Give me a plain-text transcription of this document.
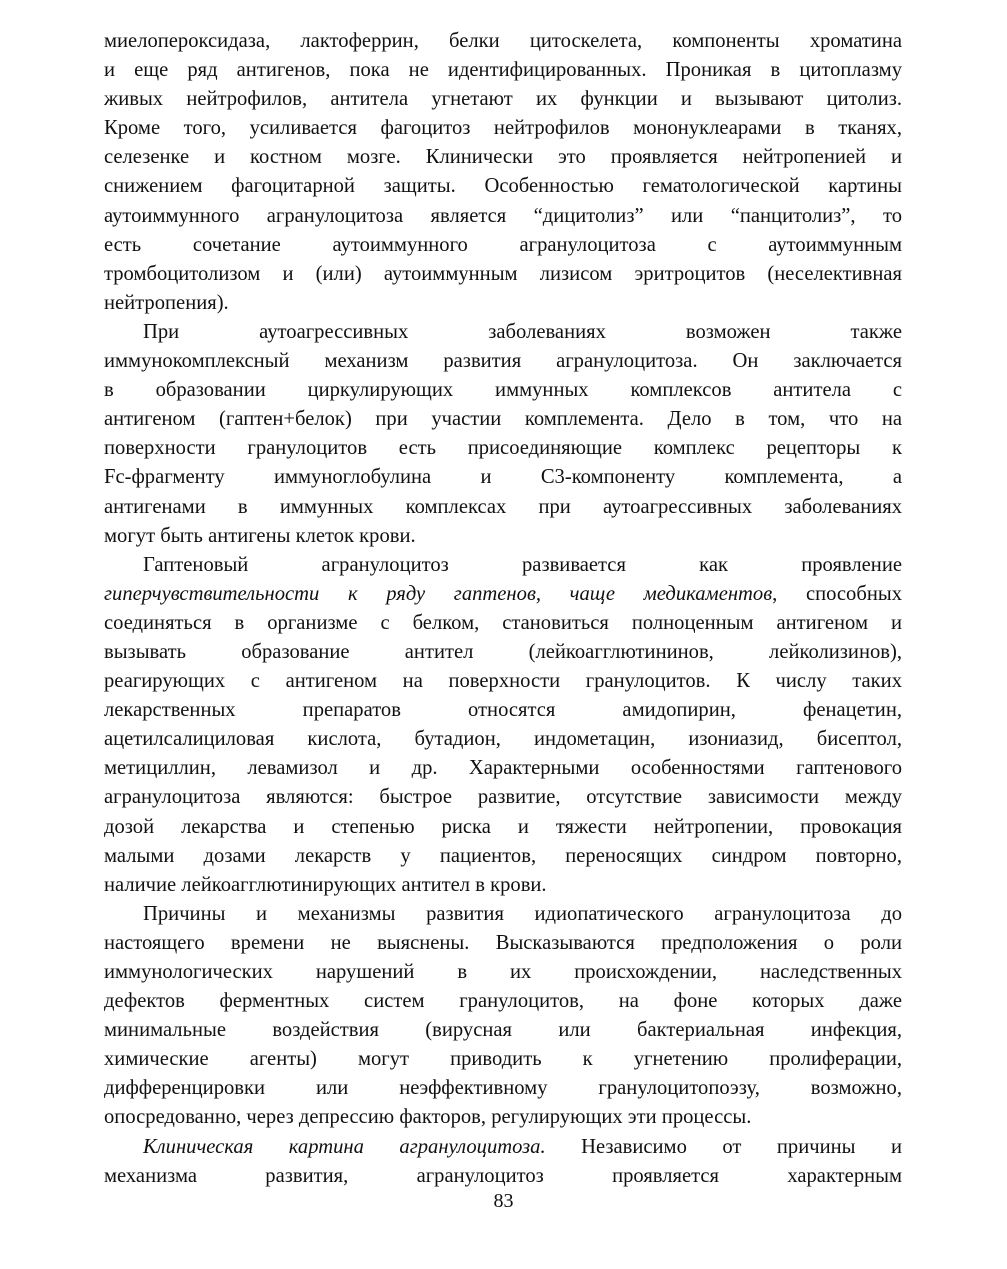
миелопероксидаза, лактоферрин, белки цитоскелета, компоненты хроматина
и еще ряд антигенов, пока не идентифицированных. Проникая в цитоплазму
живых нейтрофилов, антитела угнетают их функции и вызывают цитолиз.
Кроме того, усиливается фагоцитоз нейтрофилов мононуклеарами в тканях,
селезенке и костном мозге. Клинически это проявляется нейтропенией и
снижением фагоцитарной защиты. Особенностью гематологической картины
аутоиммунного агранулоцитоза является “дицитолиз” или “панцитолиз”, то
есть сочетание аутоиммунного агранулоцитоза с аутоиммунным
тромбоцитолизом и (или) аутоиммунным лизисом эритроцитов (неселективная
нейтропения).
При аутоагрессивных заболеваниях возможен также
иммунокомплексный механизм развития агранулоцитоза. Он заключается
в образовании циркулирующих иммунных комплексов антитела с
антигеном (гаптен+белок) при участии комплемента. Дело в том, что на
поверхности гранулоцитов есть присоединяющие комплекс рецепторы к
Fc-фрагменту иммуноглобулина и С3-компоненту комплемента, а
антигенами в иммунных комплексах при аутоагрессивных заболеваниях
могут быть антигены клеток крови.
Гаптеновый агранулоцитоз развивается как проявление
гиперчувствительности к ряду гаптенов, чаще медикаментов, способных
соединяться в организме с белком, становиться полноценным антигеном и
вызывать образование антител (лейкоагглютининов, лейколизинов),
реагирующих с антигеном на поверхности гранулоцитов. К числу таких
лекарственных препаратов относятся амидопирин, фенацетин,
ацетилсалициловая кислота, бутадион, индометацин, изониазид, бисептол,
метициллин, левамизол и др. Характерными особенностями гаптенового
агранулоцитоза являются: быстрое развитие, отсутствие зависимости между
дозой лекарства и степенью риска и тяжести нейтропении, провокация
малыми дозами лекарств у пациентов, переносящих синдром повторно,
наличие лейкоагглютинирующих антител в крови.
Причины и механизмы развития идиопатического агранулоцитоза до
настоящего времени не выяснены. Высказываются предположения о роли
иммунологических нарушений в их происхождении, наследственных
дефектов ферментных систем гранулоцитов, на фоне которых даже
минимальные воздействия (вирусная или бактериальная инфекция,
химические агенты) могут приводить к угнетению пролиферации,
дифференцировки или неэффективному гранулоцитопоэзу, возможно,
опосредованно, через депрессию факторов, регулирующих эти процессы.
Клиническая картина агранулоцитоза. Независимо от причины и
механизма развития, агранулоцитоз проявляется характерным
83
